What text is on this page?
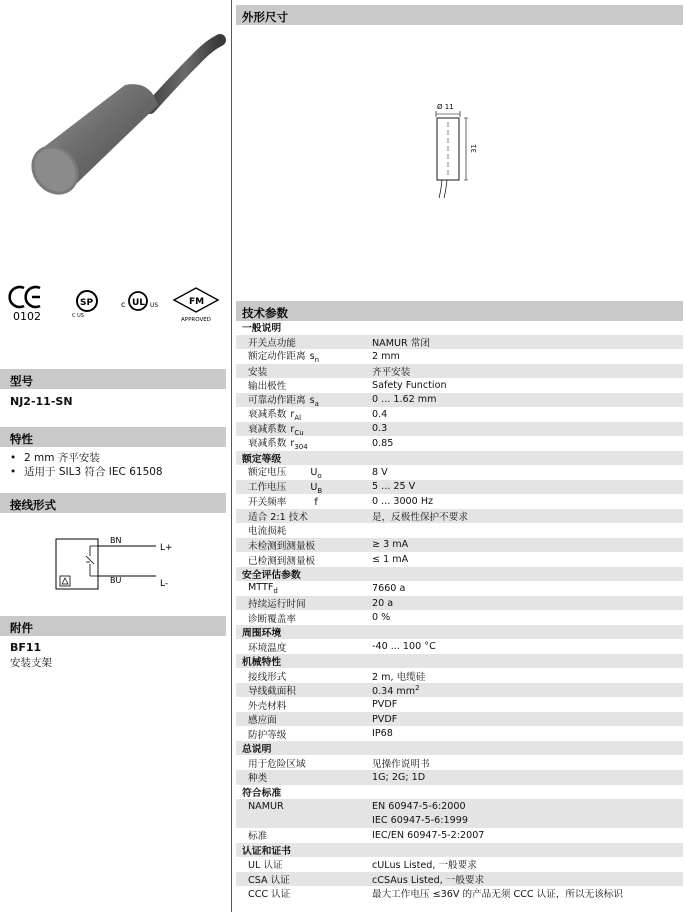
0102
SP
C US
c UL US	FM
APPROVED
型号
NJ2-11-SN
特性
• 2 mm 齐平安装
• 适用于 SIL3 符合 IEC 61508
接线形式
BN
BU
L+
L-
附件
BF11
安装支架
外形尺寸
Ø 11
31
技术参数
一般说明
开关点功能	NAMUR 常闭
额定动作距离 $s_n$	2 mm
安装	齐平安装
输出极性	Safety Function
可靠动作距离 $s_a$	0 ... 1.62 mm
衰减系数 $r_{Al}$	0.4
衰减系数 $r_{Cu}$	0.3
衰减系数 $r_{304}$	0.85
额定等级
额定电压	$U_o$	8 V
工作电压	$U_B$	5 ... 25 V
开关频率	f	0 ... 3000 Hz
适合 2:1 技术	是，反极性保护不要求
电流损耗
未检测到测量板	≥ 3 mA
已检测到测量板	≤ 1 mA
安全评估参数
$MTTF_d$	7660 a
持续运行时间	20 a
诊断覆盖率	0 %
周围环境
环境温度	-40 ... 100 °C
机械特性
接线形式	2 m, 电缆硅
导线截面积	0.34 $mm^2$
外壳材料	PVDF
感应面	PVDF
防护等级	IP68
总说明
用于危险区域	见操作说明书
种类	1G; 2G; 1D
符合标准
NAMUR	EN 60947-5-6:2000
IEC 60947-5-6:1999
标准	IEC/EN 60947-5-2:2007
认证和证书
UL 认证	cULus Listed, 一般要求
CSA 认证	cCSAus Listed, 一般要求
CCC 认证	最大工作电压 ≤36V 的产品无须 CCC 认证，所以无该标识
